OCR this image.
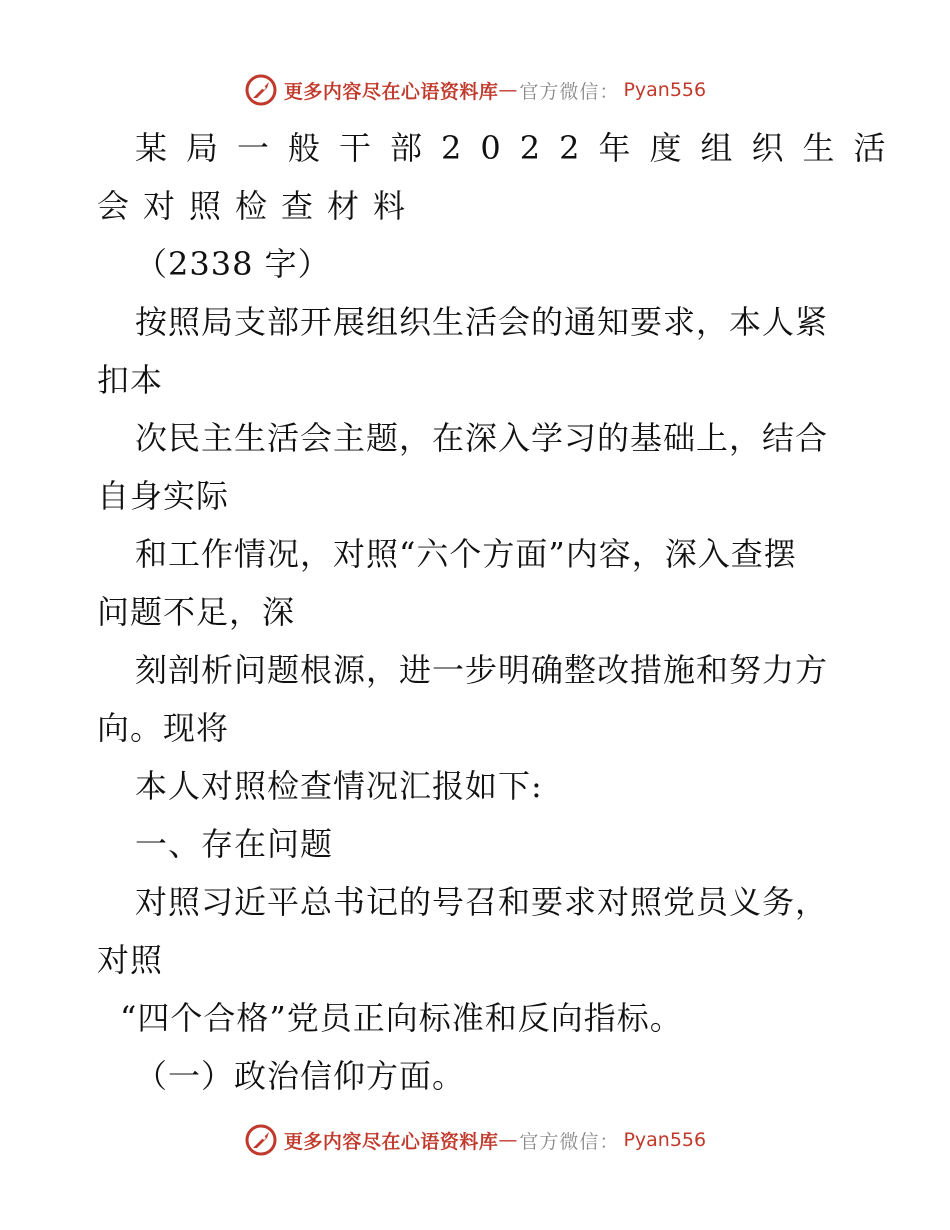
更多内容尽在心语资料库 — 官方微信： Pyan556
某局一般干部2022年度组织生活
会对照检查材料
（2338 字）
按照局支部开展组织生活会的通知要求，本人紧
扣本
次民主生活会主题，在深入学习的基础上，结合
自身实际
和工作情况，对照“六个方面”内容，深入查摆
问题不足，深
刻剖析问题根源，进一步明确整改措施和努力方
向。现将
本人对照检查情况汇报如下:
一、存在问题
对照习近平总书记的号召和要求对照党员义务，
对照
“四个合格”党员正向标准和反向指标。
（一）政治信仰方面。
更多内容尽在心语资料库 — 官方微信： Pyan556
